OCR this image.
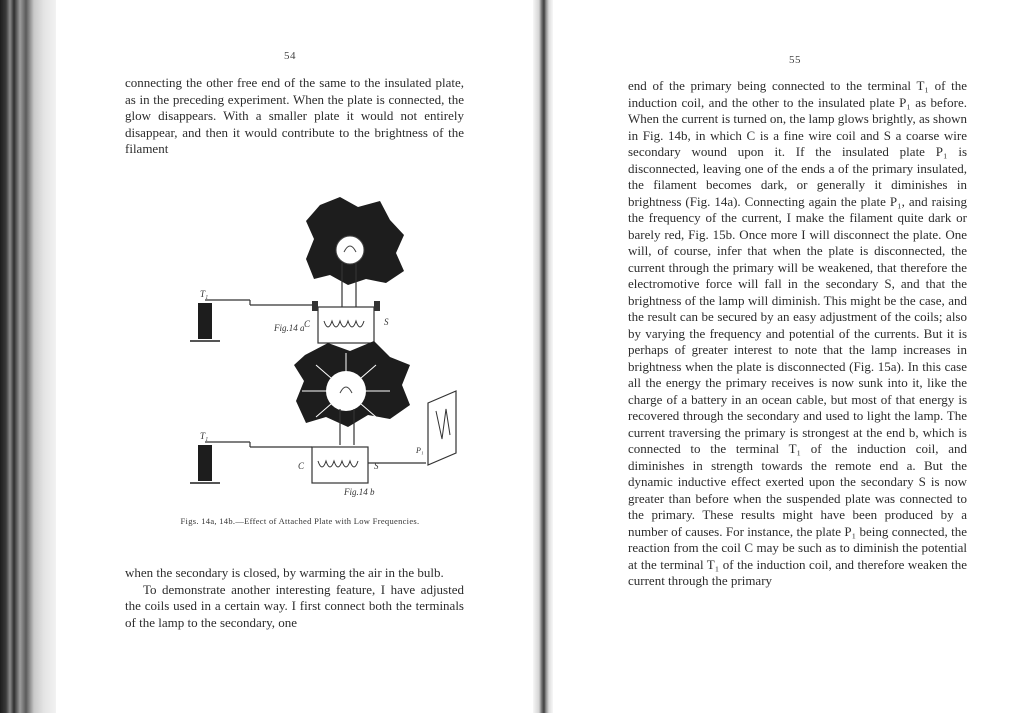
54

connecting the other free end of the same to the insulated plate, as in the preceding experiment. When the plate is connected, the glow disappears. With a smaller plate it would not entirely disappear, and then it would contribute to the brightness of the filament

T₁
Fig.14 a C	S
T₁
C	S
P₁
Fig.14 b
Figs. 14a, 14b.—Effect of Attached Plate with Low Frequencies.

when the secondary is closed, by warming the air in the bulb.

To demonstrate another interesting feature, I have adjusted the coils used in a certain way. I first connect both the terminals of the lamp to the secondary, one

55

end of the primary being connected to the terminal T₁ of the induction coil, and the other to the insulated plate P₁ as before. When the current is turned on, the lamp glows brightly, as shown in Fig. 14b, in which C is a fine wire coil and S a coarse wire secondary wound upon it. If the insulated plate P₁ is disconnected, leaving one of the ends a of the primary insulated, the filament becomes dark, or generally it diminishes in brightness (Fig. 14a). Connecting again the plate P₁, and raising the frequency of the current, I make the filament quite dark or barely red, Fig. 15b. Once more I will disconnect the plate. One will, of course, infer that when the plate is disconnected, the current through the primary will be weakened, that therefore the electromotive force will fall in the secondary S, and that the brightness of the lamp will diminish. This might be the case, and the result can be secured by an easy adjustment of the coils; also by varying the frequency and potential of the currents. But it is perhaps of greater interest to note that the lamp increases in brightness when the plate is disconnected (Fig. 15a). In this case all the energy the primary receives is now sunk into it, like the charge of a battery in an ocean cable, but most of that energy is recovered through the secondary and used to light the lamp. The current traversing the primary is strongest at the end b, which is connected to the terminal T₁ of the induction coil, and diminishes in strength towards the remote end a. But the dynamic inductive effect exerted upon the secondary S is now greater than before when the suspended plate was connected to the primary. These results might have been produced by a number of causes. For instance, the plate P₁ being connected, the reaction from the coil C may be such as to diminish the potential at the terminal T₁ of the induction coil, and therefore weaken the current through the primary
